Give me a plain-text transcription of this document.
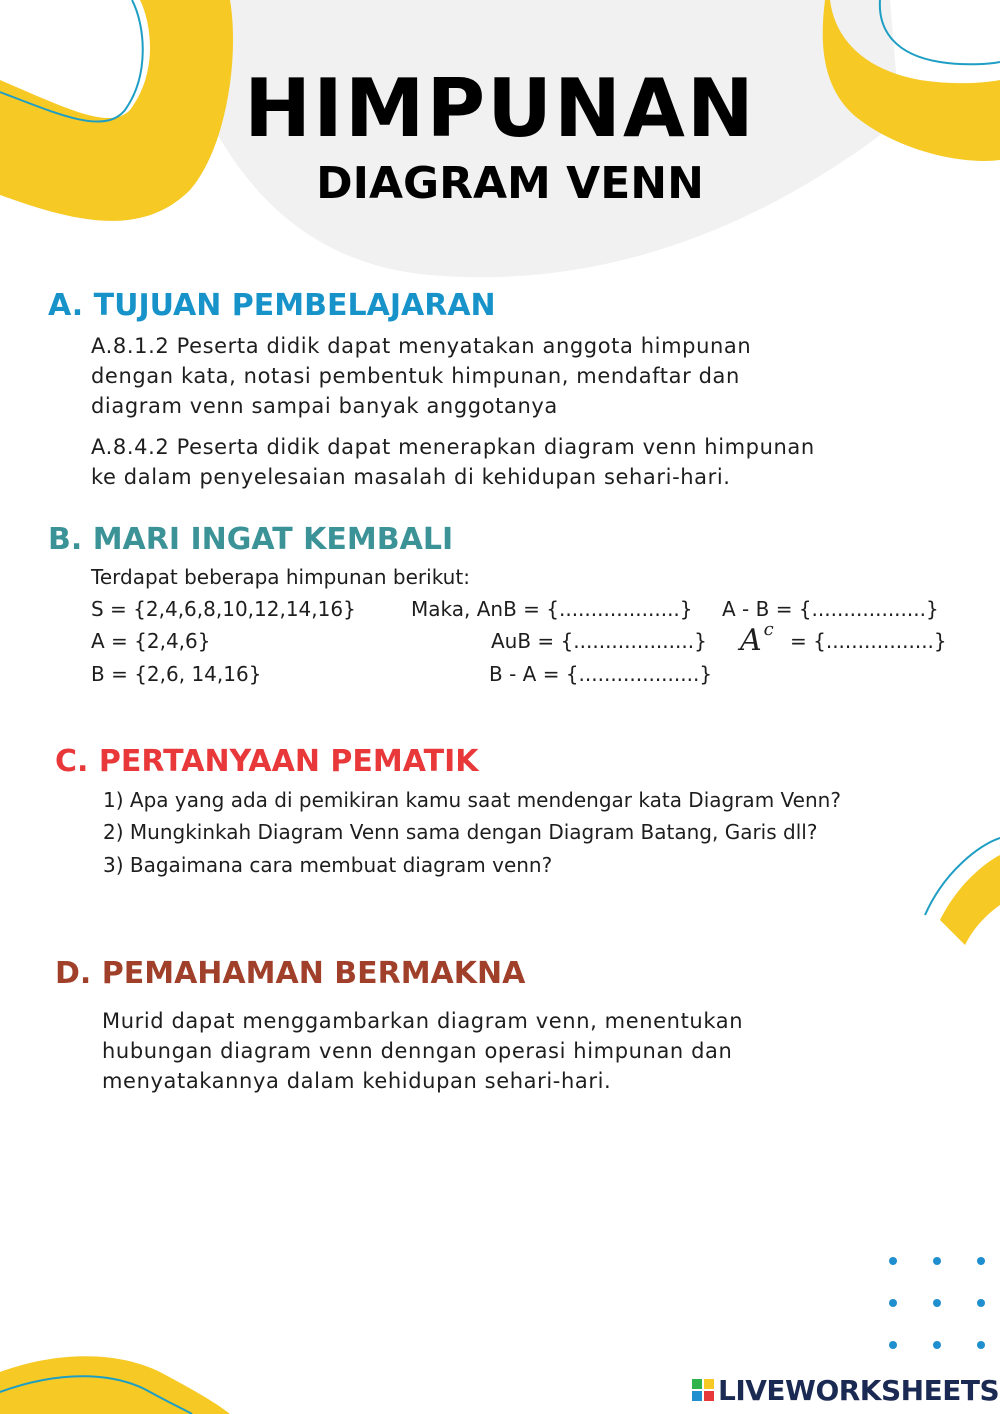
HIMPUNAN
DIAGRAM VENN
A. TUJUAN PEMBELAJARAN

A.8.1.2 Peserta didik dapat menyatakan anggota himpunan

dengan kata, notasi pembentuk himpunan, mendaftar dan

diagram venn sampai banyak anggotanya

A.8.4.2 Peserta didik dapat menerapkan diagram venn himpunan

ke dalam penyelesaian masalah di kehidupan sehari-hari.

B. MARI INGAT KEMBALI
Terdapat beberapa himpunan berikut:
S = {2,4,6,8,10,12,14,16}
A = {2,4,6}
B = {2,6, 14,16}
Maka, AnB = {...................}
AuB = {...................}
B - A = {...................}
A - B = {..................}
A $^c$ = {.................}
C. PERTANYAAN PEMATIK
1) Apa yang ada di pemikiran kamu saat mendengar kata Diagram Venn?
2) Mungkinkah Diagram Venn sama dengan Diagram Batang, Garis dll?
3) Bagaimana cara membuat diagram venn?
D. PEMAHAMAN BERMAKNA

Murid dapat menggambarkan diagram venn, menentukan

hubungan diagram venn denngan operasi himpunan dan

menyatakannya dalam kehidupan sehari-hari.

LIVEWORKSHEETS
